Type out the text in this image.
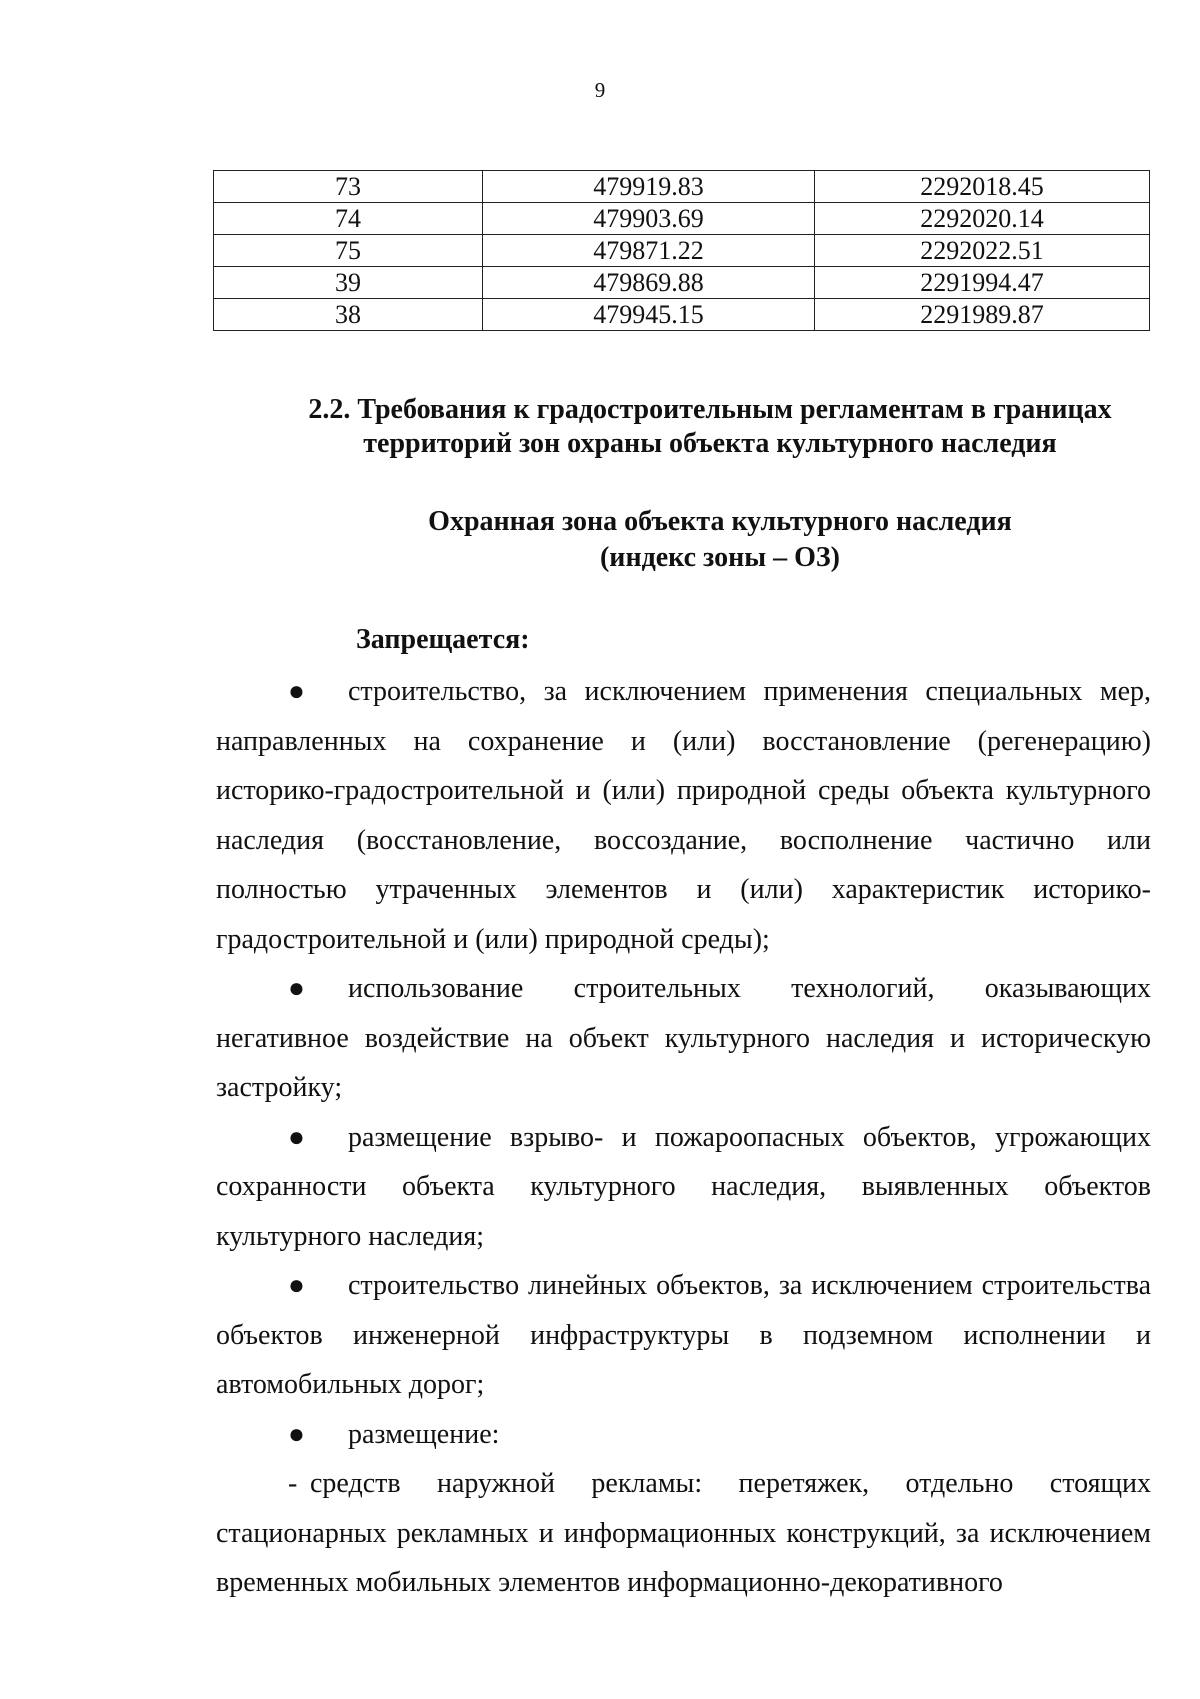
9
73	479919.83	2292018.45
74	479903.69	2292020.14
75	479871.22	2292022.51
39	479869.88	2291994.47
38	479945.15	2291989.87
2.2. Требования к градостроительным регламентам в границах
территорий зон охраны объекта культурного наследия
Охранная зона объекта культурного наследия
(индекс зоны – ОЗ)
Запрещается:

● строительство, за исключением применения специальных мер, направленных на сохранение и (или) восстановление (регенерацию) историко-градостроительной и (или) природной среды объекта культурного наследия (восстановление, воссоздание, восполнение частично или полностью утраченных элементов и (или) характеристик историко-градостроительной и (или) природной среды);

● использование строительных технологий, оказывающих негативное воздействие на объект культурного наследия и историческую застройку;

● размещение взрыво- и пожароопасных объектов, угрожающих сохранности объекта культурного наследия, выявленных объектов культурного наследия;

● строительство линейных объектов, за исключением строительства объектов инженерной инфраструктуры в подземном исполнении и автомобильных дорог;

● размещение:

- средств наружной рекламы: перетяжек, отдельно стоящих стационарных рекламных и информационных конструкций, за исключением временных мобильных элементов информационно-декоративного
